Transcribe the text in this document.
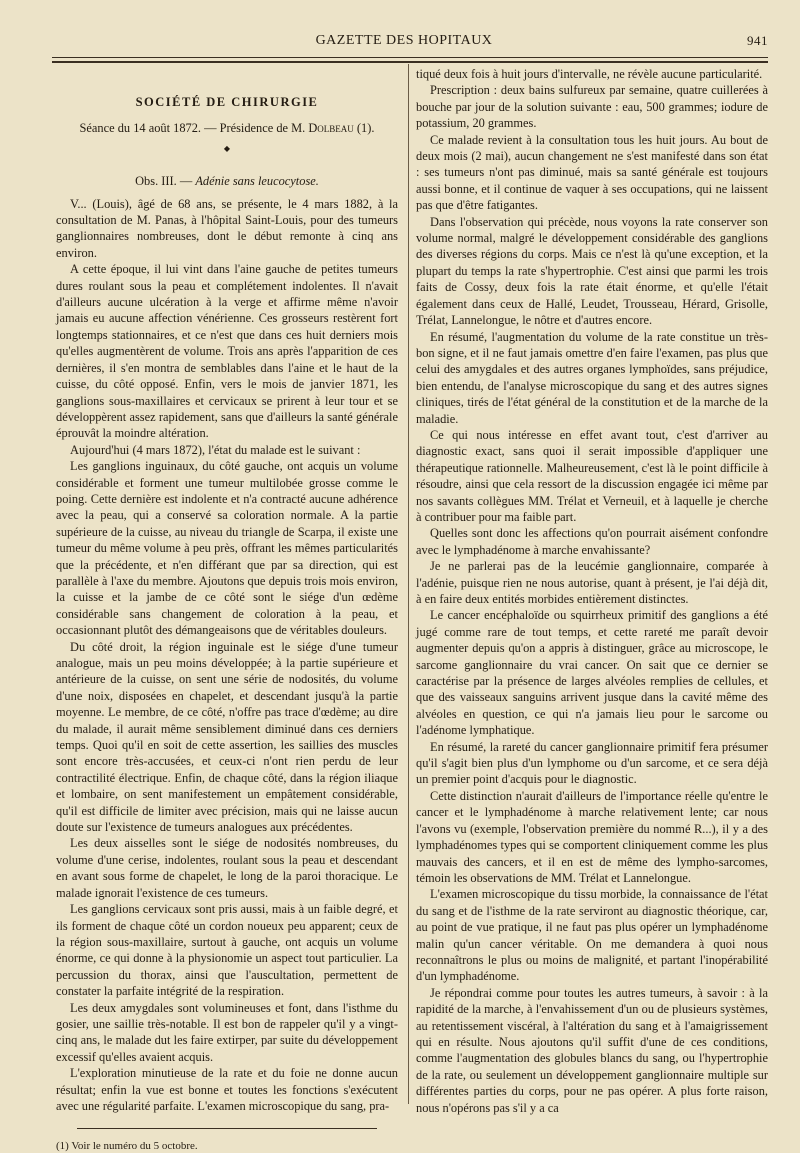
GAZETTE DES HOPITAUX	941
SOCIÉTÉ DE CHIRURGIE
Séance du 14 août 1872. — Présidence de M. Dolbeau (1).
◆
Obs. III. — Adénie sans leucocytose.

V... (Louis), âgé de 68 ans, se présente, le 4 mars 1882, à la consultation de M. Panas, à l'hôpital Saint-Louis, pour des tumeurs ganglionnaires nombreuses, dont le début remonte à cinq ans environ.

A cette époque, il lui vint dans l'aine gauche de petites tumeurs dures roulant sous la peau et complétement indolentes. Il n'avait d'ailleurs aucune ulcération à la verge et affirme même n'avoir jamais eu aucune affection vénérienne. Ces grosseurs restèrent fort longtemps stationnaires, et ce n'est que dans ces huit derniers mois qu'elles augmentèrent de volume. Trois ans après l'apparition de ces dernières, il s'en montra de semblables dans l'aine et le haut de la cuisse, du côté opposé. Enfin, vers le mois de janvier 1871, les ganglions sous-maxillaires et cervicaux se prirent à leur tour et se développèrent assez rapidement, sans que d'ailleurs la santé générale éprouvât la moindre altération.

Aujourd'hui (4 mars 1872), l'état du malade est le suivant :

Les ganglions inguinaux, du côté gauche, ont acquis un volume considérable et forment une tumeur multilobée grosse comme le poing. Cette dernière est indolente et n'a contracté aucune adhérence avec la peau, qui a conservé sa coloration normale. A la partie supérieure de la cuisse, au niveau du triangle de Scarpa, il existe une tumeur du même volume à peu près, offrant les mêmes particularités que la précédente, et n'en différant que par sa direction, qui est parallèle à l'axe du membre. Ajoutons que depuis trois mois environ, la cuisse et la jambe de ce côté sont le siége d'un œdème considérable sans changement de coloration à la peau, et occasionnant plutôt des démangeaisons que de véritables douleurs.

Du côté droit, la région inguinale est le siége d'une tumeur analogue, mais un peu moins développée; à la partie supérieure et antérieure de la cuisse, on sent une série de nodosités, du volume d'une noix, disposées en chapelet, et descendant jusqu'à la partie moyenne. Le membre, de ce côté, n'offre pas trace d'œdème; au dire du malade, il aurait même sensiblement diminué dans ces derniers temps. Quoi qu'il en soit de cette assertion, les saillies des muscles sont encore très-accusées, et ceux-ci n'ont rien perdu de leur contractilité électrique. Enfin, de chaque côté, dans la région iliaque et lombaire, on sent manifestement un empâtement considérable, qu'il est difficile de limiter avec précision, mais qui ne laisse aucun doute sur l'existence de tumeurs analogues aux précédentes.

Les deux aisselles sont le siége de nodosités nombreuses, du volume d'une cerise, indolentes, roulant sous la peau et descendant en avant sous forme de chapelet, le long de la paroi thoracique. Le malade ignorait l'existence de ces tumeurs.

Les ganglions cervicaux sont pris aussi, mais à un faible degré, et ils forment de chaque côté un cordon noueux peu apparent; ceux de la région sous-maxillaire, surtout à gauche, ont acquis un volume énorme, ce qui donne à la physionomie un aspect tout particulier. La percussion du thorax, ainsi que l'auscultation, permettent de constater la parfaite intégrité de la respiration.

Les deux amygdales sont volumineuses et font, dans l'isthme du gosier, une saillie très-notable. Il est bon de rappeler qu'il y a vingt-cinq ans, le malade dut les faire extirper, par suite du développement excessif qu'elles avaient acquis.

L'exploration minutieuse de la rate et du foie ne donne aucun résultat; enfin la vue est bonne et toutes les fonctions s'exécutent avec une régularité parfaite. L'examen microscopique du sang, pra-

(1) Voir le numéro du 5 octobre.

tiqué deux fois à huit jours d'intervalle, ne révèle aucune particularité.

Prescription : deux bains sulfureux par semaine, quatre cuillerées à bouche par jour de la solution suivante : eau, 500 grammes; iodure de potassium, 20 grammes.

Ce malade revient à la consultation tous les huit jours. Au bout de deux mois (2 mai), aucun changement ne s'est manifesté dans son état : ses tumeurs n'ont pas diminué, mais sa santé générale est toujours aussi bonne, et il continue de vaquer à ses occupations, qui ne laissent pas que d'être fatigantes.

Dans l'observation qui précède, nous voyons la rate conserver son volume normal, malgré le développement considérable des ganglions des diverses régions du corps. Mais ce n'est là qu'une exception, et la plupart du temps la rate s'hypertrophie. C'est ainsi que parmi les trois faits de Cossy, deux fois la rate était énorme, et qu'elle l'était également dans ceux de Hallé, Leudet, Trousseau, Hérard, Grisolle, Trélat, Lannelongue, le nôtre et d'autres encore.

En résumé, l'augmentation du volume de la rate constitue un très-bon signe, et il ne faut jamais omettre d'en faire l'examen, pas plus que celui des amygdales et des autres organes lymphoïdes, sans préjudice, bien entendu, de l'analyse microscopique du sang et des autres signes cliniques, tirés de l'état général de la constitution et de la marche de la maladie.

Ce qui nous intéresse en effet avant tout, c'est d'arriver au diagnostic exact, sans quoi il serait impossible d'appliquer une thérapeutique rationnelle. Malheureusement, c'est là le point difficile à résoudre, ainsi que cela ressort de la discussion engagée ici même par nos savants collègues MM. Trélat et Verneuil, et à laquelle je cherche à contribuer pour ma faible part.

Quelles sont donc les affections qu'on pourrait aisément confondre avec le lymphadénome à marche envahissante?

Je ne parlerai pas de la leucémie ganglionnaire, comparée à l'adénie, puisque rien ne nous autorise, quant à présent, je l'ai déjà dit, à en faire deux entités morbides entièrement distinctes.

Le cancer encéphaloïde ou squirrheux primitif des ganglions a été jugé comme rare de tout temps, et cette rareté me paraît devoir augmenter depuis qu'on a appris à distinguer, grâce au microscope, le sarcome ganglionnaire du vrai cancer. On sait que ce dernier se caractérise par la présence de larges alvéoles remplies de cellules, et que des vaisseaux sanguins arrivent jusque dans la cavité même des alvéoles en question, ce qui n'a jamais lieu pour le sarcome ou l'adénome lymphatique.

En résumé, la rareté du cancer ganglionnaire primitif fera présumer qu'il s'agit bien plus d'un lymphome ou d'un sarcome, et ce sera déjà un premier point d'acquis pour le diagnostic.

Cette distinction n'aurait d'ailleurs de l'importance réelle qu'entre le cancer et le lymphadénome à marche relativement lente; car nous l'avons vu (exemple, l'observation première du nommé R...), il y a des lymphadénomes types qui se comportent cliniquement comme les plus mauvais des cancers, et il en est de même des lympho-sarcomes, témoin les observations de MM. Trélat et Lannelongue.

L'examen microscopique du tissu morbide, la connaissance de l'état du sang et de l'isthme de la rate serviront au diagnostic théorique, car, au point de vue pratique, il ne faut pas plus opérer un lymphadénome malin qu'un cancer véritable. On me demandera à quoi nous reconnaîtrons le plus ou moins de malignité, et partant l'inopérabilité d'un lymphadénome.

Je répondrai comme pour toutes les autres tumeurs, à savoir : à la rapidité de la marche, à l'envahissement d'un ou de plusieurs systèmes, au retentissement viscéral, à l'altération du sang et à l'amaigrissement qui en résulte. Nous ajoutons qu'il suffit d'une de ces conditions, comme l'augmentation des globules blancs du sang, ou l'hypertrophie de la rate, ou seulement un développement ganglionnaire multiple sur différentes parties du corps, pour ne pas opérer. A plus forte raison, nous n'opérons pas s'il y a ca
